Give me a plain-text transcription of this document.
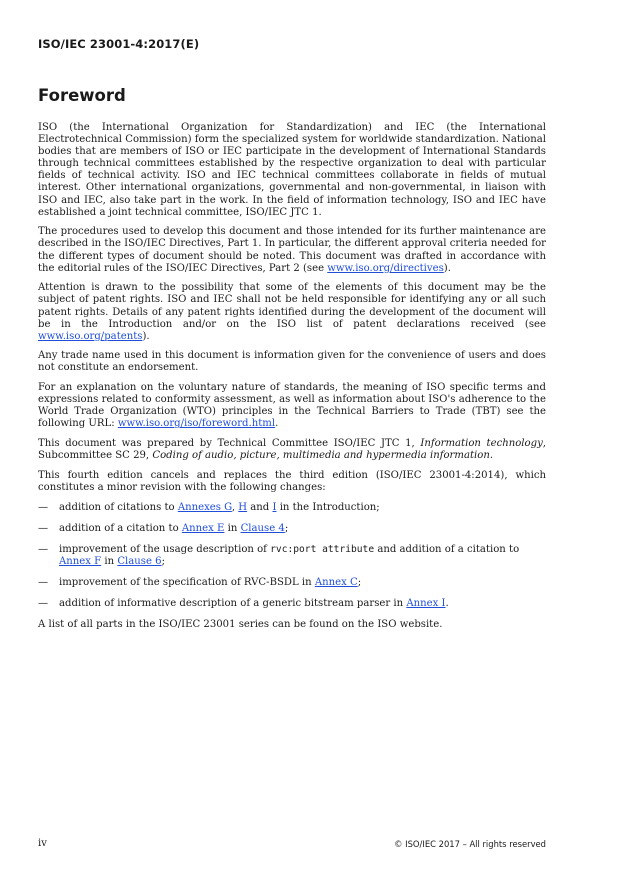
ISO/IEC 23001-4:2017(E)
Foreword

ISO (the International Organization for Standardization) and IEC (the International Electrotechnical Commission) form the specialized system for worldwide standardization. National bodies that are members of ISO or IEC participate in the development of International Standards through technical committees established by the respective organization to deal with particular fields of technical activity. ISO and IEC technical committees collaborate in fields of mutual interest. Other international organizations, governmental and non-governmental, in liaison with ISO and IEC, also take part in the work. In the field of information technology, ISO and IEC have established a joint technical committee, ISO/IEC JTC 1.

The procedures used to develop this document and those intended for its further maintenance are described in the ISO/IEC Directives, Part 1. In particular, the different approval criteria needed for the different types of document should be noted. This document was drafted in accordance with the editorial rules of the ISO/IEC Directives, Part 2 (see www.iso.org/directives).

Attention is drawn to the possibility that some of the elements of this document may be the subject of patent rights. ISO and IEC shall not be held responsible for identifying any or all such patent rights. Details of any patent rights identified during the development of the document will be in the Introduction and/or on the ISO list of patent declarations received (see www.iso.org/patents).

Any trade name used in this document is information given for the convenience of users and does not constitute an endorsement.

For an explanation on the voluntary nature of standards, the meaning of ISO specific terms and expressions related to conformity assessment, as well as information about ISO's adherence to the World Trade Organization (WTO) principles in the Technical Barriers to Trade (TBT) see the following URL: www.iso.org/iso/foreword.html.

This document was prepared by Technical Committee ISO/IEC JTC 1, Information technology, Subcommittee SC 29, Coding of audio, picture, multimedia and hypermedia information.

This fourth edition cancels and replaces the third edition (ISO/IEC 23001-4:2014), which constitutes a minor revision with the following changes:

— addition of citations to Annexes G, H and I in the Introduction;
— addition of a citation to Annex E in Clause 4;
— improvement of the usage description of rvc:port attribute and addition of a citation to Annex F in Clause 6;
— improvement of the specification of RVC-BSDL in Annex C;
— addition of informative description of a generic bitstream parser in Annex I.

A list of all parts in the ISO/IEC 23001 series can be found on the ISO website.

iv	© ISO/IEC 2017 – All rights reserved
